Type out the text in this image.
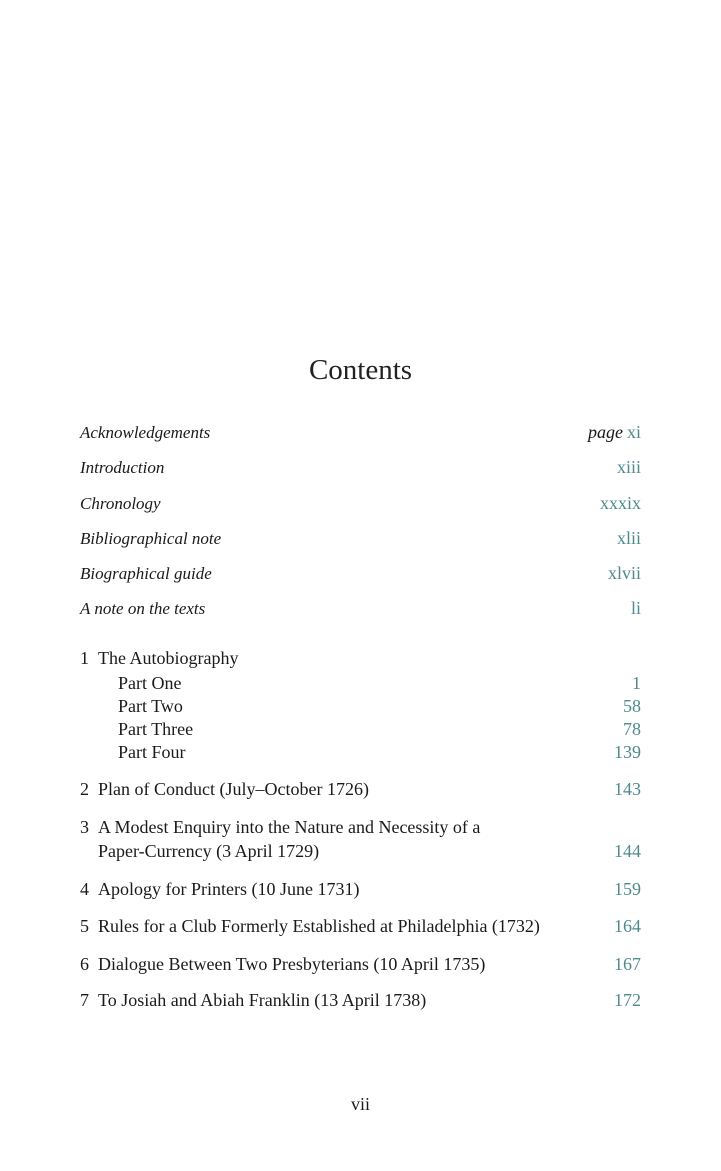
Contents
Acknowledgements	page xi
Introduction	xiii
Chronology	xxxix
Bibliographical note	xlii
Biographical guide	xlvii
A note on the texts	li
1 The Autobiography
Part One	1
Part Two	58
Part Three	78
Part Four	139
2 Plan of Conduct (July–October 1726)	143
3 A Modest Enquiry into the Nature and Necessity of a
Paper-Currency (3 April 1729)	144
4 Apology for Printers (10 June 1731)	159
5 Rules for a Club Formerly Established at Philadelphia (1732)	164
6 Dialogue Between Two Presbyterians (10 April 1735)	167
7 To Josiah and Abiah Franklin (13 April 1738)	172
vii
